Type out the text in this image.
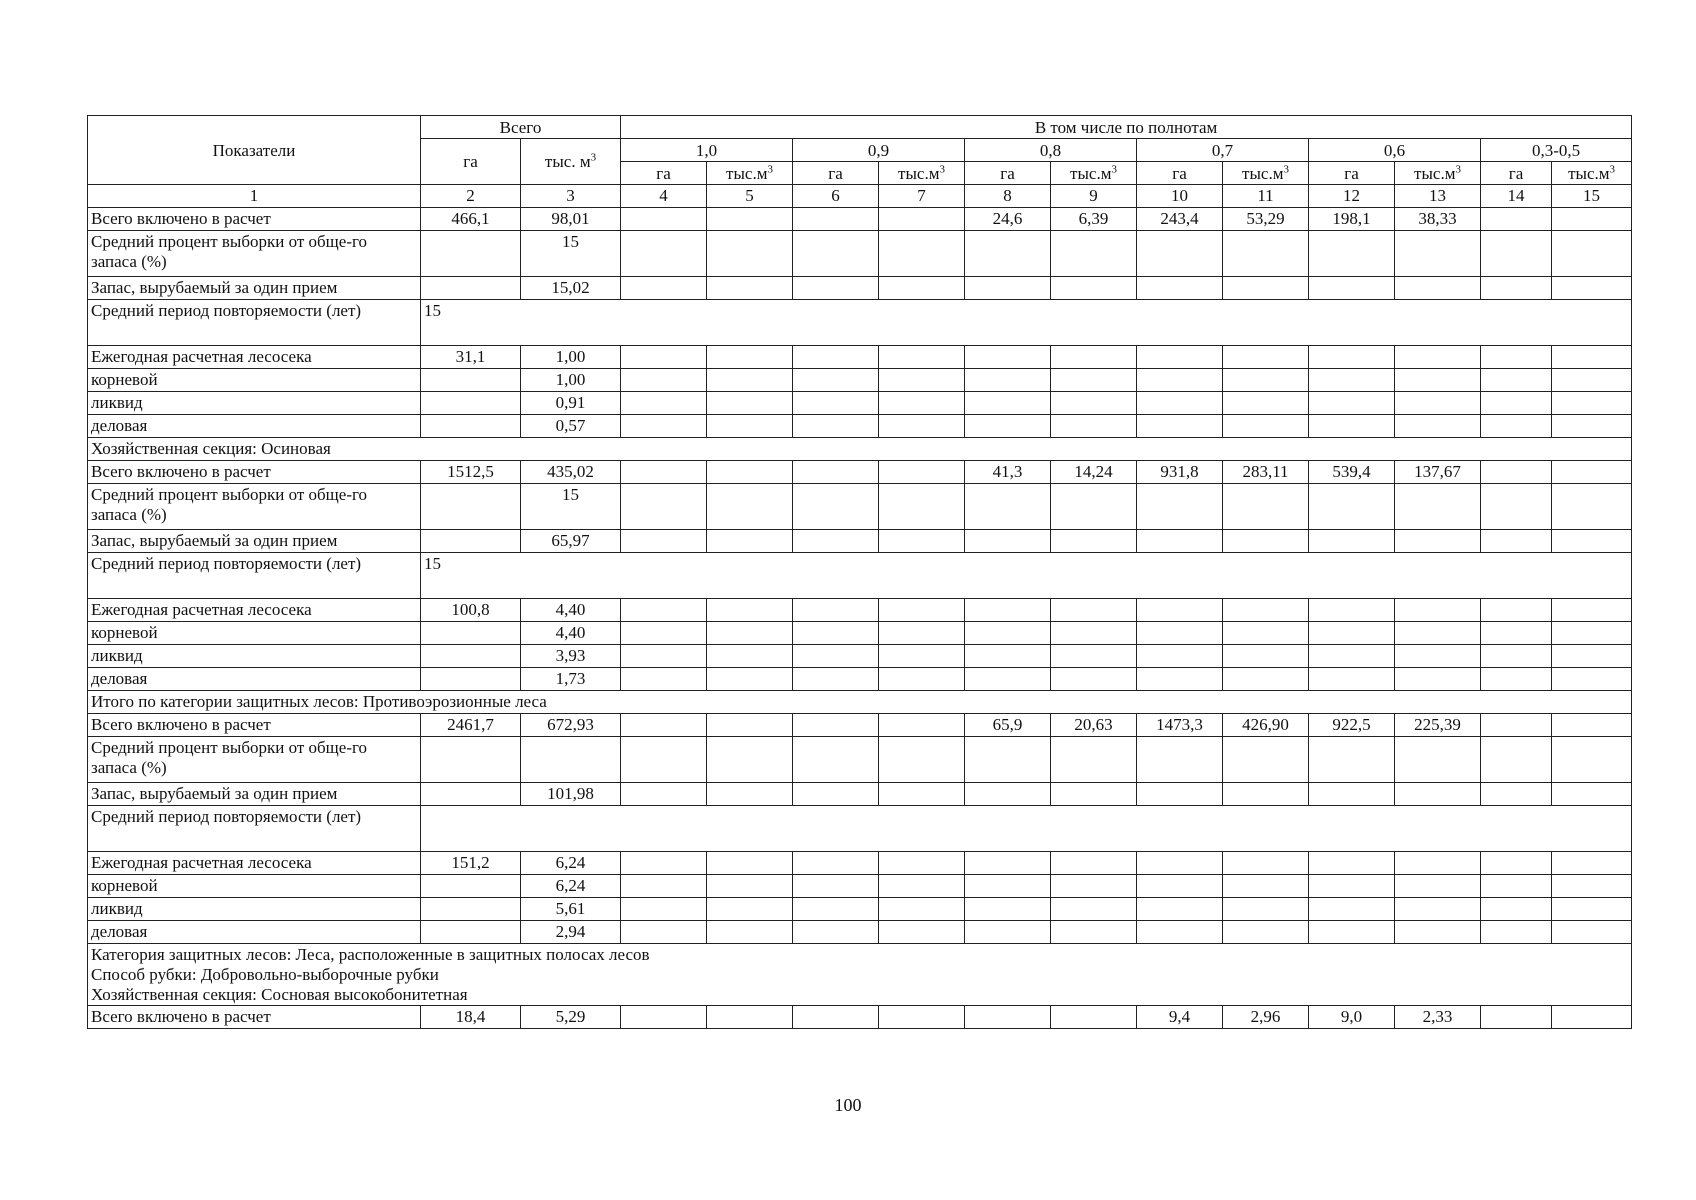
Показатели	Всего		В том числе по полнотам											
	га	тыс. $м^3$	1,0		0,9		0,8		0,7		0,6		0,3-0,5	
			га	$тыс.м^3$	га	$тыс.м^3$	га	$тыс.м^3$	га	$тыс.м^3$	га	$тыс.м^3$	га	$тыс.м^3$
1	2	3	4	5	6	7	8	9	10	11	12	13	14	15
Всего включено в расчет	466,1	98,01					24,6	6,39	243,4	53,29	198,1	38,33		
Средний процент выборки от обще-го запаса (%)		15												
Запас, вырубаемый за один прием		15,02												
Средний период повторяемости (лет)	15													
Ежегодная расчетная лесосека	31,1	1,00												
корневой		1,00												
ликвид		0,91												
деловая		0,57												
Хозяйственная секция: Осиновая														
Всего включено в расчет	1512,5	435,02					41,3	14,24	931,8	283,11	539,4	137,67		
Средний процент выборки от обще-го запаса (%)		15												
Запас, вырубаемый за один прием		65,97												
Средний период повторяемости (лет)	15													
Ежегодная расчетная лесосека	100,8	4,40												
корневой		4,40												
ликвид		3,93												
деловая		1,73												
Итого по категории защитных лесов: Противоэрозионные леса														
Всего включено в расчет	2461,7	672,93					65,9	20,63	1473,3	426,90	922,5	225,39		
Средний процент выборки от обще-го запаса (%)														
Запас, вырубаемый за один прием		101,98												
Средний период повторяемости (лет)														
Ежегодная расчетная лесосека	151,2	6,24												
корневой		6,24												
ликвид		5,61												
деловая		2,94												

Категория защитных лесов: Леса, расположенные в защитных полосах лесов
Способ рубки: Добровольно-выборочные рубки
Хозяйственная секция: Сосновая высокобонитетная														

Всего включено в расчет	18,4	5,29							9,4	2,96	9,0	2,33		
100
